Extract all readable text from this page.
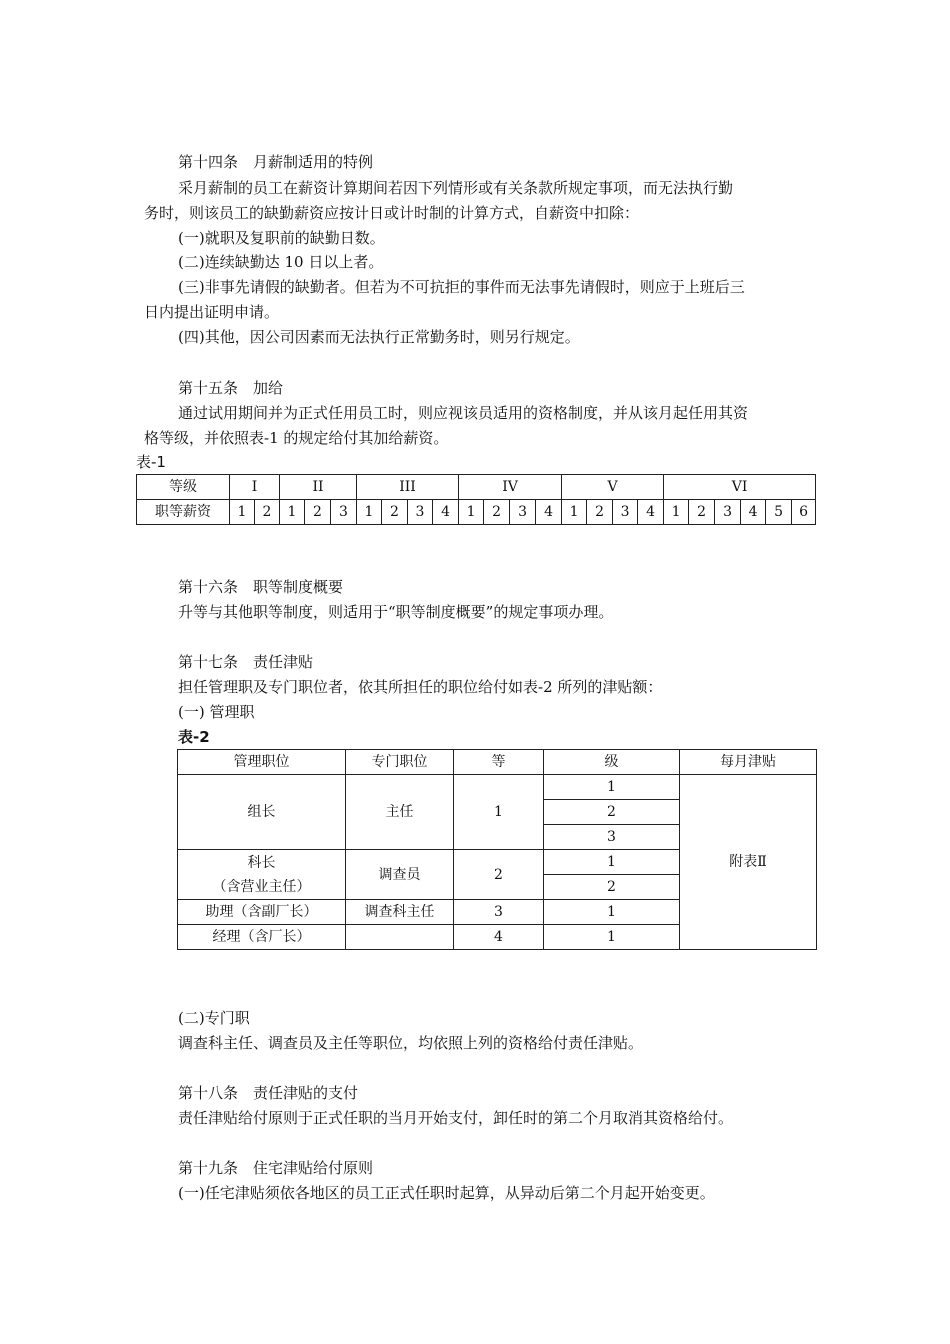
第十四条　月薪制适用的特例
采月薪制的员工在薪资计算期间若因下列情形或有关条款所规定事项，而无法执行勤
务时，则该员工的缺勤薪资应按计日或计时制的计算方式，自薪资中扣除：
(一)就职及复职前的缺勤日数。
(二)连续缺勤达 10 日以上者。
(三)非事先请假的缺勤者。但若为不可抗拒的事件而无法事先请假时，则应于上班后三
日内提出证明申请。
(四)其他，因公司因素而无法执行正常勤务时，则另行规定。
第十五条　加给
通过试用期间并为正式任用员工时，则应视该员适用的资格制度，并从该月起任用其资
格等级，并依照表-1 的规定给付其加给薪资。
表-1
等级	I		II			III				IV				V				VI					
职等薪资	1	2	1	2	3	1	2	3	4	1	2	3	4	1	2	3	4	1	2	3	4	5	6
第十六条　职等制度概要
升等与其他职等制度，则适用于“职等制度概要”的规定事项办理。
第十七条　责任津贴
担任管理职及专门职位者，依其所担任的职位给付如表-2 所列的津贴额：
(一) 管理职
表-2
管理职位	专门职位	等	级	每月津贴
组长	主任	1	1	附表Ⅱ
			2	
			3	

科长
（含营业主任）	调查员	2	1	
			2	
助理（含副厂长）	调查科主任	3	1	
经理（含厂长）		4	1	
(二)专门职
调查科主任、调查员及主任等职位，均依照上列的资格给付责任津贴。
第十八条　责任津贴的支付
责任津贴给付原则于正式任职的当月开始支付，卸任时的第二个月取消其资格给付。
第十九条　住宅津贴给付原则
(一)任宅津贴须依各地区的员工正式任职时起算，从异动后第二个月起开始变更。
